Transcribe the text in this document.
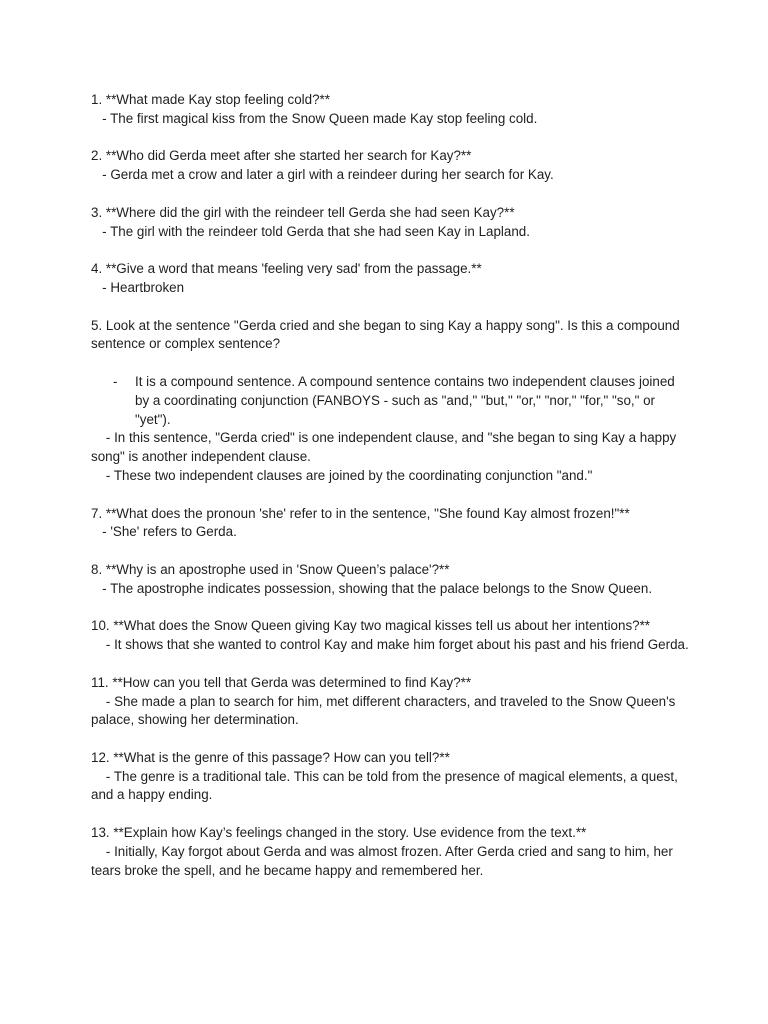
1. **What made Kay stop feeling cold?**

- The first magical kiss from the Snow Queen made Kay stop feeling cold.

2. **Who did Gerda meet after she started her search for Kay?**

- Gerda met a crow and later a girl with a reindeer during her search for Kay.

3. **Where did the girl with the reindeer tell Gerda she had seen Kay?**

- The girl with the reindeer told Gerda that she had seen Kay in Lapland.

4. **Give a word that means 'feeling very sad' from the passage.**

- Heartbroken

5. Look at the sentence "Gerda cried and she began to sing Kay a happy song". Is this a compound sentence or complex sentence?

- It is a compound sentence. A compound sentence contains two independent clauses joined by a coordinating conjunction (FANBOYS - such as "and," "but," "or," "nor," "for," "so," or "yet").

- In this sentence, "Gerda cried" is one independent clause, and "she began to sing Kay a happy song" is another independent clause.

- These two independent clauses are joined by the coordinating conjunction "and."

7. **What does the pronoun 'she' refer to in the sentence, "She found Kay almost frozen!"**

- 'She' refers to Gerda.

8. **Why is an apostrophe used in 'Snow Queen’s palace'?**

- The apostrophe indicates possession, showing that the palace belongs to the Snow Queen.

10. **What does the Snow Queen giving Kay two magical kisses tell us about her intentions?**

- It shows that she wanted to control Kay and make him forget about his past and his friend Gerda.

11. **How can you tell that Gerda was determined to find Kay?**

- She made a plan to search for him, met different characters, and traveled to the Snow Queen's palace, showing her determination.

12. **What is the genre of this passage? How can you tell?**

- The genre is a traditional tale. This can be told from the presence of magical elements, a quest, and a happy ending.

13. **Explain how Kay’s feelings changed in the story. Use evidence from the text.**

- Initially, Kay forgot about Gerda and was almost frozen. After Gerda cried and sang to him, her tears broke the spell, and he became happy and remembered her.
